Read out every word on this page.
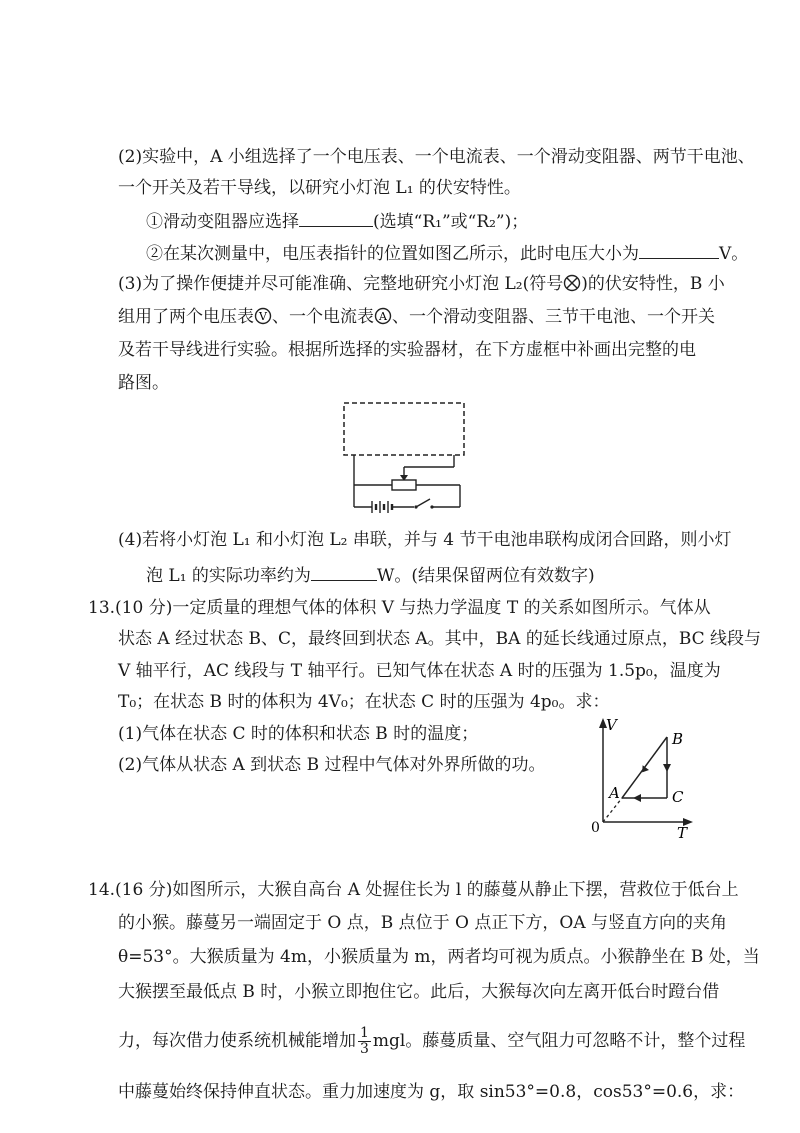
(2)实验中，A 小组选择了一个电压表、一个电流表、一个滑动变阻器、两节干电池、
一个开关及若干导线，以研究小灯泡 L₁ 的伏安特性。
①滑动变阻器应选择	(选填“R₁”或“R₂”)；
②在某次测量中，电压表指针的位置如图乙所示，此时电压大小为	V。
(3)为了操作便捷并尽可能准确、完整地研究小灯泡 L₂(符号 )的伏安特性，B 小
组用了两个电压表 V 、一个电流表 A 、一个滑动变阻器、三节干电池、一个开关
及若干导线进行实验。根据所选择的实验器材，在下方虚框中补画出完整的电
路图。
(4)若将小灯泡 L₁ 和小灯泡 L₂ 串联，并与 4 节干电池串联构成闭合回路，则小灯
泡 L₁ 的实际功率约为	W。(结果保留两位有效数字)
13.(10 分)一定质量的理想气体的体积 V 与热力学温度 T 的关系如图所示。气体从
状态 A 经过状态 B、C，最终回到状态 A。其中，BA 的延长线通过原点，BC 线段与
V 轴平行，AC 线段与 T 轴平行。已知气体在状态 A 时的压强为 1.5p₀，温度为
T₀；在状态 B 时的体积为 4V₀；在状态 C 时的压强为 4p₀。求：
(1)气体在状态 C 时的体积和状态 B 时的温度；
(2)气体从状态 A 到状态 B 过程中气体对外界所做的功。
V
T
0
A
B
C
14.(16 分)如图所示，大猴自高台 A 处握住长为 l 的藤蔓从静止下摆，营救位于低台上
的小猴。藤蔓另一端固定于 O 点，B 点位于 O 点正下方，OA 与竖直方向的夹角
θ=53°。大猴质量为 4m，小猴质量为 m，两者均可视为质点。小猴静坐在 B 处，当
大猴摆至最低点 B 时，小猴立即抱住它。此后，大猴每次向左离开低台时蹬台借
力，每次借力使系统机械能增加 $\frac{1}{3}$ mgl。藤蔓质量、空气阻力可忽略不计，整个过程
中藤蔓始终保持伸直状态。重力加速度为 g，取 sin53°=0.8，cos53°=0.6，求：
